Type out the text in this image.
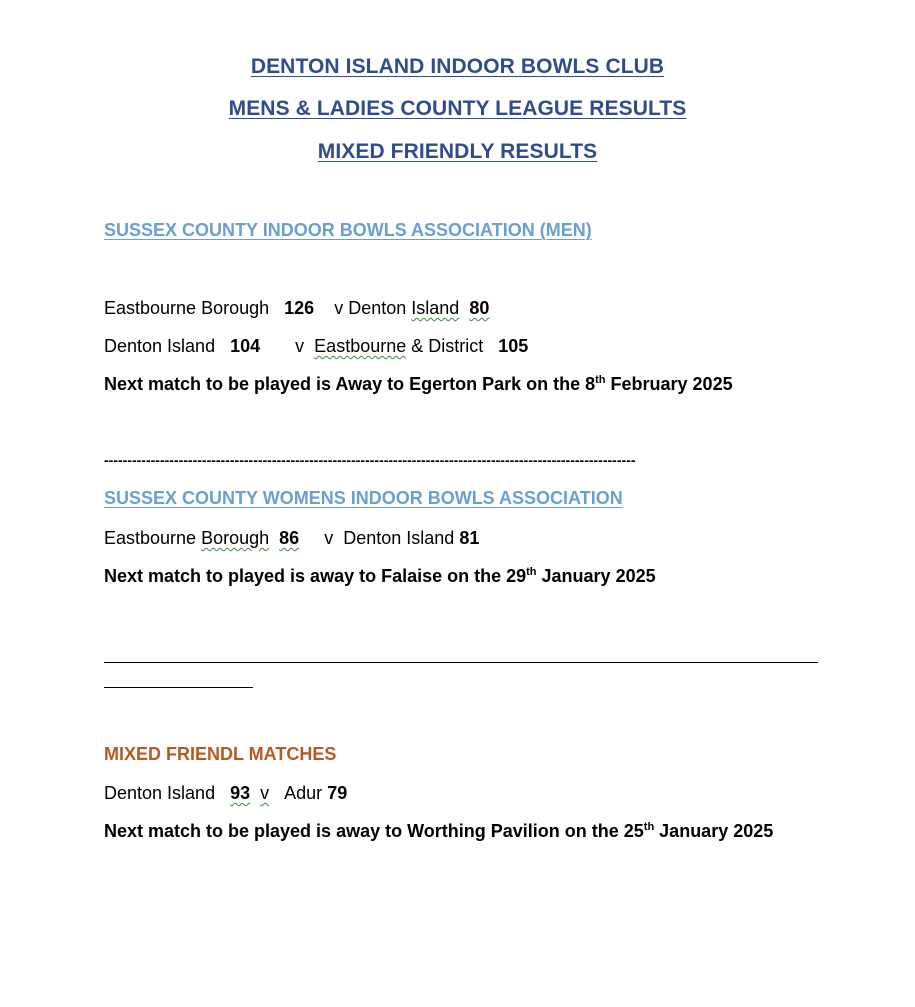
DENTON ISLAND INDOOR BOWLS CLUB
MENS & LADIES COUNTY LEAGUE RESULTS
MIXED FRIENDLY RESULTS
SUSSEX COUNTY INDOOR BOWLS ASSOCIATION (MEN)
Eastbourne Borough 126 v Denton Island 80
Denton Island 104 v Eastbourne & District 105
Next match to be played is Away to Egerton Park on the 8th February 2025
------------------------------------------------------------------------------------------------------------------
SUSSEX COUNTY WOMENS INDOOR BOWLS ASSOCIATION
Eastbourne Borough 86 v Denton Island 81
Next match to played is away to Falaise on the 29th January 2025
MIXED FRIENDL MATCHES
Denton Island 93 v Adur 79
Next match to be played is away to Worthing Pavilion on the 25th January 2025
